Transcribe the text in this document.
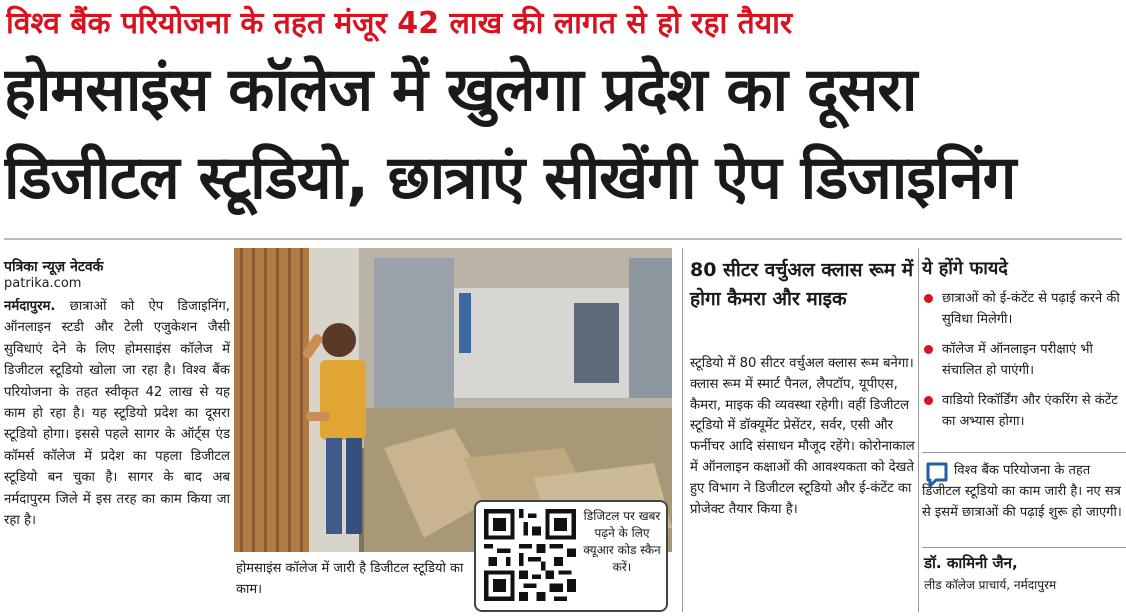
विश्व बैंक परियोजना के तहत मंजूर 42 लाख की लागत से हो रहा तैयार
होमसाइंस कॉलेज में खुलेगा प्रदेश का दूसरा
डिजीटल स्टूडियो, छात्राएं सीखेंगी ऐप डिजाइनिंग
पत्रिका न्यूज़ नेटवर्क
patrika.com
नर्मदापुरम. छात्राओं को ऐप डिजाइनिंग, ऑनलाइन स्टडी और टेली एजुकेशन जैसी सुविधाएं देने के लिए होमसाइंस कॉलेज में डिजीटल स्टूडियो खोला जा रहा है। विश्व बैंक परियोजना के तहत स्वीकृत 42 लाख से यह काम हो रहा है। यह स्टूडियो प्रदेश का दूसरा स्टूडियो होगा। इससे पहले सागर के ऑर्ट्स एंड कॉमर्स कॉलेज में प्रदेश का पहला डिजीटल स्टूडियो बन चुका है। सागर के बाद अब नर्मदापुरम जिले में इस तरह का काम किया जा रहा है।
होमसाइंस कॉलेज में जारी है डिजीटल स्टूडियो का काम।
डिजिटल पर खबर पढ़ने के लिए क्यूआर कोड स्कैन करें।
80 सीटर वर्चुअल क्लास रूम में होगा कैमरा और माइक
स्टूडियो में 80 सीटर वर्चुअल क्लास रूम बनेगा। क्लास रूम में स्मार्ट पैनल, लैपटॉप, यूपीएस, कैमरा, माइक की व्यवस्था रहेगी। वहीं डिजीटल स्टूडियो में डॉक्यूमेंट प्रेसेंटर, सर्वर, एसी और फर्नीचर आदि संसाधन मौजूद रहेंगे। कोरोनाकाल में ऑनलाइन कक्षाओं की आवश्यकता को देखते हुए विभाग ने डिजीटल स्टूडियो और ई-कंटेंट का प्रोजेक्ट तैयार किया है।
ये होंगे फायदे
छात्राओं को ई-कंटेंट से पढ़ाई करने की सुविधा मिलेगी।
कॉलेज में ऑनलाइन परीक्षाएं भी संचालित हो पाएंगी।
वाडियो रिकॉर्डिंग और एंकरिंग से कंटेंट का अभ्यास होगा।
विश्व बैंक परियोजना के तहत डिजीटल स्टूडियो का काम जारी है। नए सत्र से इसमें छात्राओं की पढ़ाई शुरू हो जाएगी।
डॉ. कामिनी जैन,
लीड कॉलेज प्राचार्य, नर्मदापुरम
